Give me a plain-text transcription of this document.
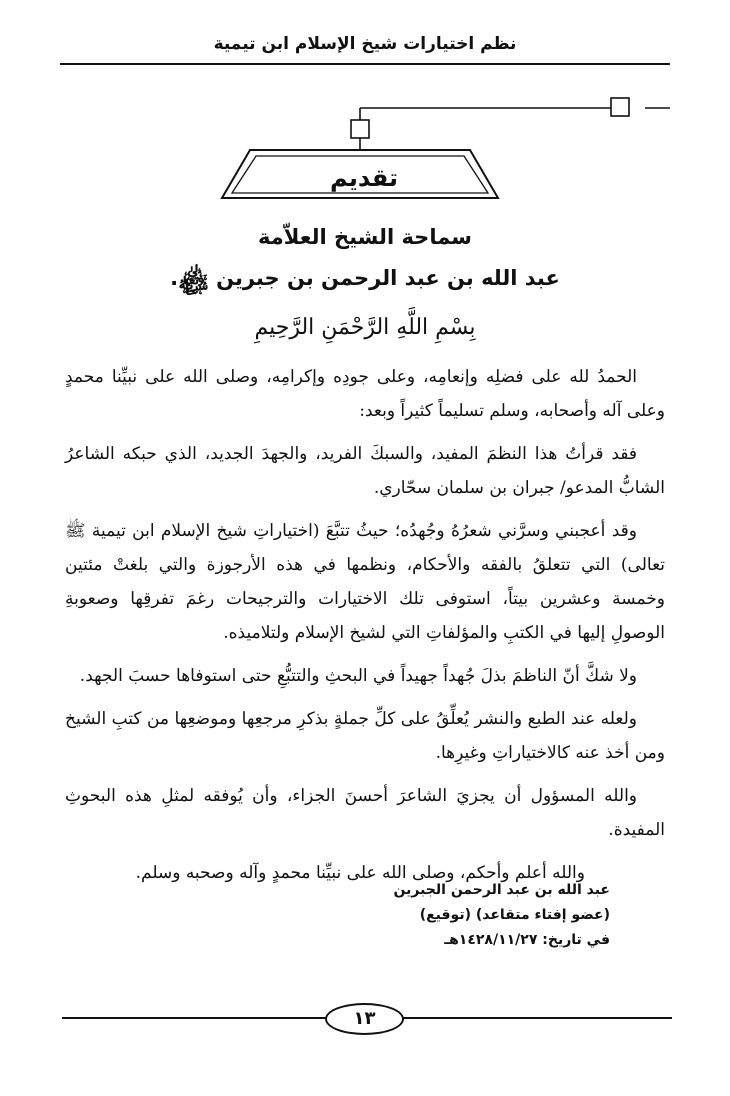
نظم اختيارات شيخ الإسلام ابن تيمية
تقديم
سماحة الشيخ العلاّمة
عبد الله بن عبد الرحمن بن جبرين ﷾.
بِسْمِ اللَّهِ الرَّحْمَنِ الرَّحِيمِ

الحمدُ لله على فضلِه وإنعامِه، وعلى جودِه وإكرامِه، وصلى الله على نبيِّنا محمدٍ وعلى آله وأصحابه، وسلم تسليماً كثيراً وبعد:

فقد قرأتُ هذا النظمَ المفيد، والسبكَ الفريد، والجهدَ الجديد، الذي حبكه الشاعرُ الشابُّ المدعو/ جبران بن سلمان سحّاري.

وقد أعجبني وسرَّني شعرُهُ وجُهدُه؛ حيثُ تتبَّعَ (اختياراتِ شيخ الإسلام ابن تيمية ﷺ تعالى) التي تتعلقُ بالفقه والأحكام، ونظمها في هذه الأرجوزة والتي بلغتْ مئتين وخمسة وعشرين بيتاً، استوفى تلك الاختيارات والترجيحات رغمَ تفرقِها وصعوبةِ الوصولِ إليها في الكتبِ والمؤلفاتِ التي لشيخ الإسلام ولتلاميذه.

ولا شكَّ أنّ الناظمَ بذلَ جُهداً جهيداً في البحثِ والتتبُّعِ حتى استوفاها حسبَ الجهد.

ولعله عند الطبع والنشر يُعلِّقُ على كلِّ جملةٍ بذكرِ مرجعِها وموضعِها من كتبِ الشيخ ومن أخذ عنه كالاختياراتِ وغيرِها.

والله المسؤول أن يجزيَ الشاعرَ أحسنَ الجزاء، وأن يُوفقه لمثلِ هذه البحوثِ المفيدة.

والله أعلم وأحكم، وصلى الله على نبيِّنا محمدٍ وآله وصحبه وسلم.

عبد الله بن عبد الرحمن الجبرين
(عضو إفتاء متقاعد) (توقيع)
في تاريخ: ١٤٢٨/١١/٢٧هـ
١٣
